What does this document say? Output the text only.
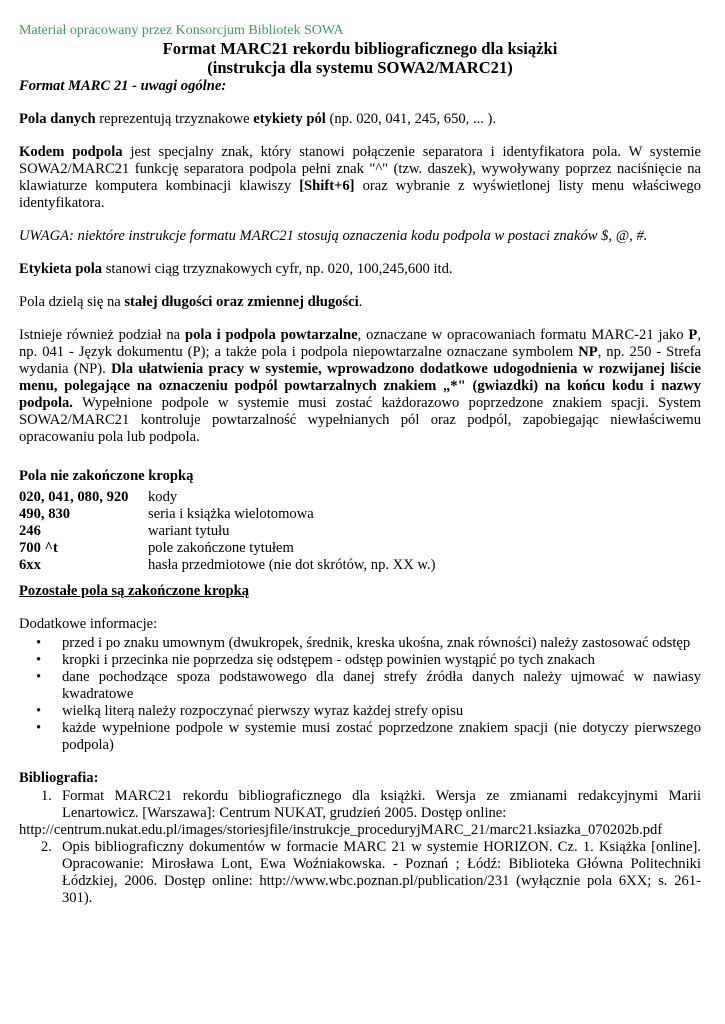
Materiał opracowany przez Konsorcjum Bibliotek SOWA
Format MARC21 rekordu bibliograficznego dla książki
(instrukcja dla systemu SOWA2/MARC21)
Format MARC 21 - uwagi ogólne:

Pola danych reprezentują trzyznakowe etykiety pól (np. 020, 041, 245, 650, ... ).

Kodem podpola jest specjalny znak, który stanowi połączenie separatora i identyfikatora pola. W systemie SOWA2/MARC21 funkcję separatora podpola pełni znak "^" (tzw. daszek), wywoływany poprzez naciśnięcie na klawiaturze komputera kombinacji klawiszy [Shift+6] oraz wybranie z wyświetlonej listy menu właściwego identyfikatora.

UWAGA: niektóre instrukcje formatu MARC21 stosują oznaczenia kodu podpola w postaci znaków $, @, #.

Etykieta pola stanowi ciąg trzyznakowych cyfr, np. 020, 100,245,600 itd.

Pola dzielą się na stałej długości oraz zmiennej długości.

Istnieje również podział na pola i podpola powtarzalne, oznaczane w opracowaniach formatu MARC-21 jako P, np. 041 - Język dokumentu (P); a także pola i podpola niepowtarzalne oznaczane symbolem NP, np. 250 - Strefa wydania (NP). Dla ułatwienia pracy w systemie, wprowadzono dodatkowe udogodnienia w rozwijanej liście menu, polegające na oznaczeniu podpól powtarzalnych znakiem „*" (gwiazdki) na końcu kodu i nazwy podpola. Wypełnione podpole w systemie musi zostać każdorazowo poprzedzone znakiem spacji. System SOWA2/MARC21 kontroluje powtarzalność wypełnianych pól oraz podpól, zapobiegając niewłaściwemu opracowaniu pola lub podpola.

Pola nie zakończone kropką
020, 041, 080, 920	kody
490, 830	seria i książka wielotomowa
246	wariant tytułu
700 ^t	pole zakończone tytułem
6xx	hasła przedmiotowe (nie dot skrótów, np. XX w.)
Pozostałe pola są zakończone kropką
Dodatkowe informacje:
• przed i po znaku umownym (dwukropek, średnik, kreska ukośna, znak równości) należy zastosować odstęp
• kropki i przecinka nie poprzedza się odstępem - odstęp powinien wystąpić po tych znakach
• dane pochodzące spoza podstawowego dla danej strefy źródła danych należy ujmować w nawiasy kwadratowe
• wielką literą należy rozpoczynać pierwszy wyraz każdej strefy opisu
• każde wypełnione podpole w systemie musi zostać poprzedzone znakiem spacji (nie dotyczy pierwszego podpola)
Bibliografia:
1. Format MARC21 rekordu bibliograficznego dla książki. Wersja ze zmianami redakcyjnymi Marii Lenartowicz. [Warszawa]: Centrum NUKAT, grudzień 2005. Dostęp online:
http://centrum.nukat.edu.pl/images/storiesjfile/instrukcje_proceduryjMARC_21/marc21.ksiazka_070202b.pdf
2. Opis bibliograficzny dokumentów w formacie MARC 21 w systemie HORIZON. Cz. 1. Książka [online]. Opracowanie: Mirosława Lont, Ewa Woźniakowska. - Poznań ; Łódź: Biblioteka Główna Politechniki Łódzkiej, 2006. Dostęp online: http://www.wbc.poznan.pl/publication/231 (wyłącznie pola 6XX; s. 261-301).
